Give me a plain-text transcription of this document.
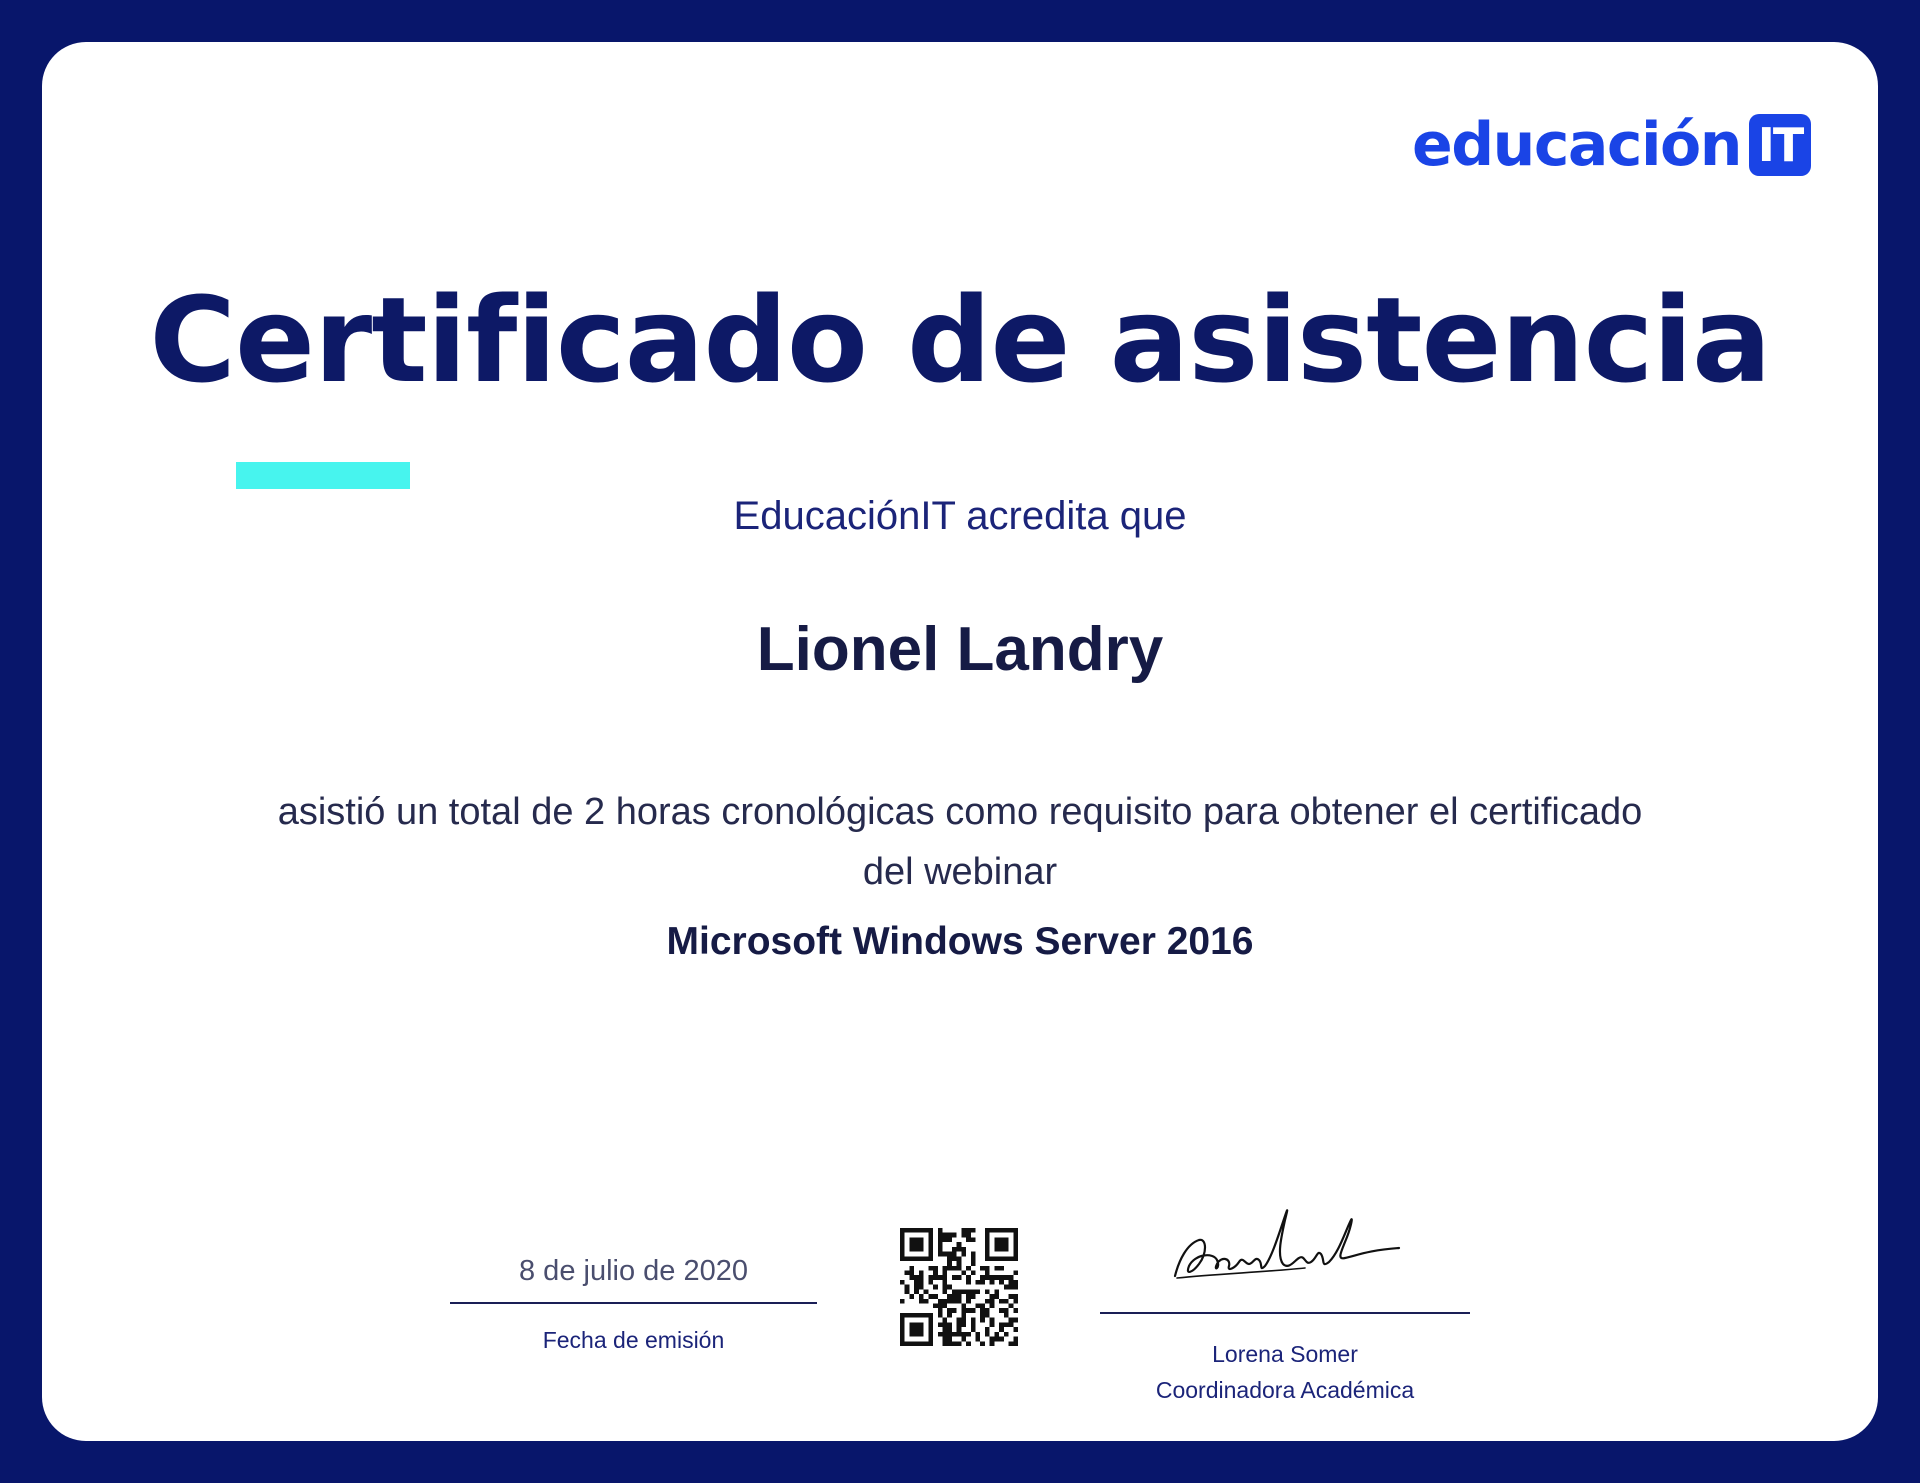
educación IT
Certificado de asistencia
EducaciónIT acredita que
Lionel Landry
asistió un total de 2 horas cronológicas como requisito para obtener el certificado
del webinar
Microsoft Windows Server 2016
8 de julio de 2020
Fecha de emisión
Lorena Somer
Coordinadora Académica
